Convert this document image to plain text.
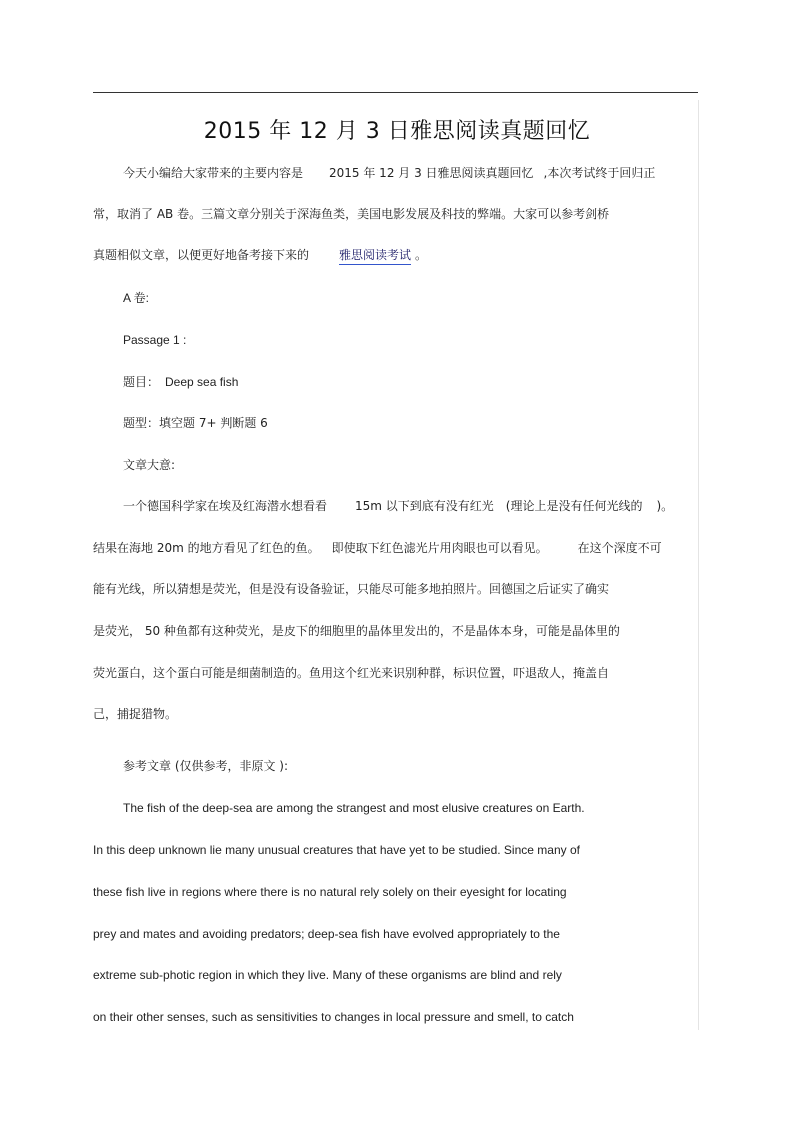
2015 年 12 月 3 日雅思阅读真题回忆
今天小编给大家带来的主要内容是 2015 年 12 月 3 日雅思阅读真题回忆 ,本次考试终于回归正
常，取消了 AB 卷。三篇文章分别关于深海鱼类，美国电影发展及科技的弊端。大家可以参考剑桥
真题相似文章，以便更好地备考接下来的	雅思阅读考试 。
A 卷:
Passage 1 :
题目： Deep sea fish
题型：填空题 7+ 判断题 6
文章大意:
一个德国科学家在埃及红海潜水想看看 15m 以下到底有没有红光 (理论上是没有任何光线的 )。
结果在海地 20m 的地方看见了红色的鱼。 即使取下红色滤光片用肉眼也可以看见。	在这个深度不可
能有光线，所以猜想是荧光，但是没有设备验证，只能尽可能多地拍照片。回德国之后证实了确实
是荧光， 50 种鱼都有这种荧光，是皮下的细胞里的晶体里发出的，不是晶体本身，可能是晶体里的
荧光蛋白，这个蛋白可能是细菌制造的。鱼用这个红光来识别种群，标识位置，吓退敌人，掩盖自
己，捕捉猎物。
参考文章 (仅供参考，非原文 ):
The fish of the deep-sea are among the strangest and most elusive creatures on Earth.
In this deep unknown lie many unusual creatures that have yet to be studied. Since many of
these fish live in regions where there is no natural rely solely on their eyesight for locating
prey and mates and avoiding predators; deep-sea fish have evolved appropriately to the
extreme sub-photic region in which they live. Many of these organisms are blind and rely
on their other senses, such as sensitivities to changes in local pressure and smell, to catch
